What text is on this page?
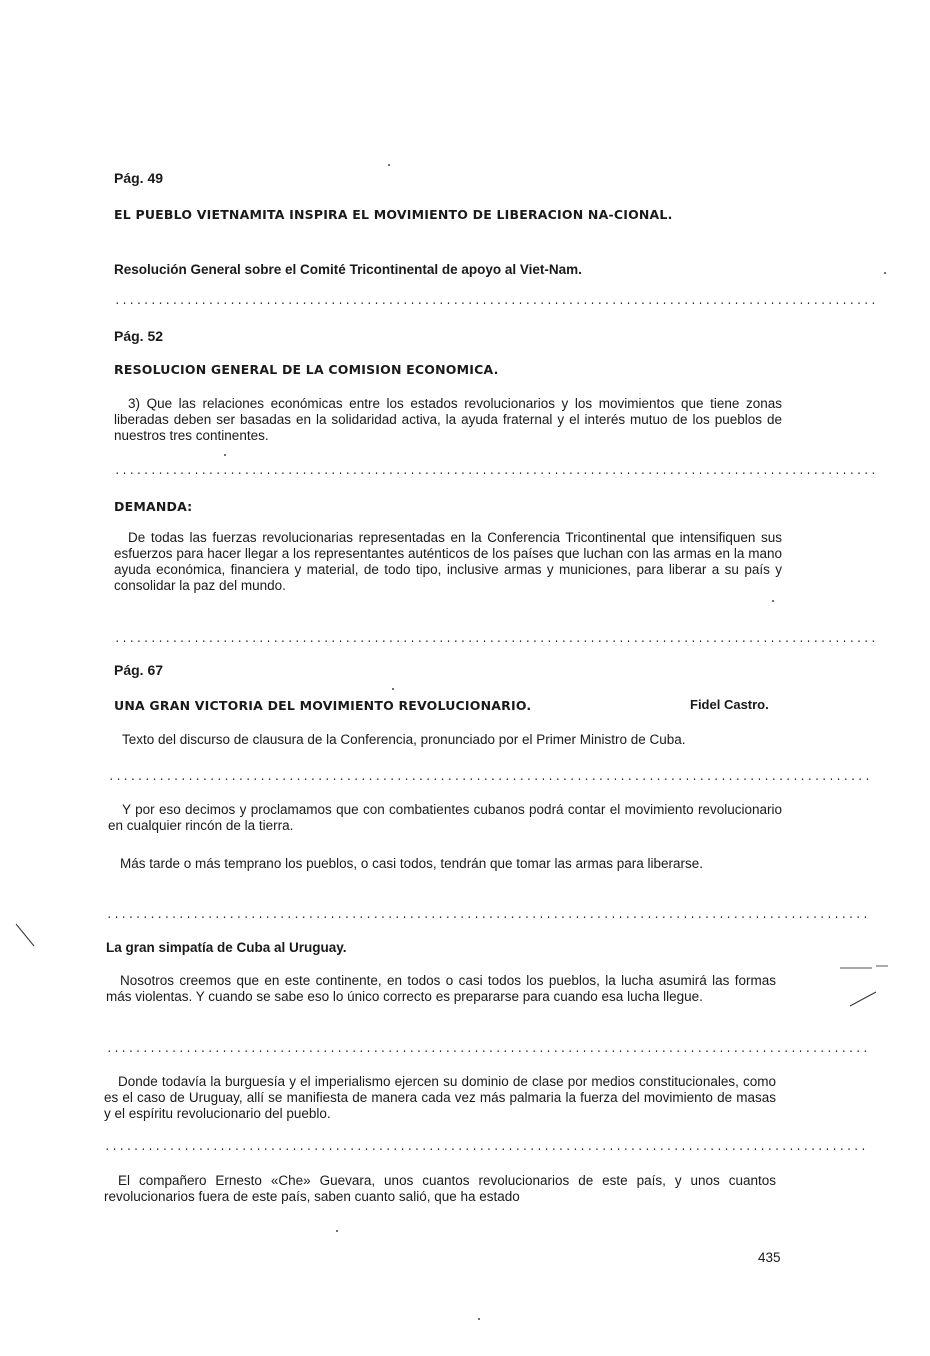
Pág. 49
EL PUEBLO VIETNAMITA INSPIRA EL MOVIMIENTO DE LIBERACION NA-CIONAL.
Resolución General sobre el Comité Tricontinental de apoyo al Viet-Nam.
..........................................................................................................
Pág. 52
RESOLUCION GENERAL DE LA COMISION ECONOMICA.

3) Que las relaciones económicas entre los estados revolucionarios y los movimientos que tiene zonas liberadas deben ser basadas en la solidaridad activa, la ayuda fraternal y el interés mutuo de los pueblos de nuestros tres continentes.

..........................................................................................................
DEMANDA:

De todas las fuerzas revolucionarias representadas en la Conferencia Tricontinental que intensifiquen sus esfuerzos para hacer llegar a los representantes auténticos de los países que luchan con las armas en la mano ayuda económica, financiera y material, de todo tipo, inclusive armas y municiones, para liberar a su país y consolidar la paz del mundo.

..........................................................................................................
Pág. 67
UNA GRAN VICTORIA DEL MOVIMIENTO REVOLUCIONARIO.	Fidel Castro.

Texto del discurso de clausura de la Conferencia, pronunciado por el Primer Ministro de Cuba.

..........................................................................................................

Y por eso decimos y proclamamos que con combatientes cubanos podrá contar el movimiento revolucionario en cualquier rincón de la tierra.

Más tarde o más temprano los pueblos, o casi todos, tendrán que tomar las armas para liberarse.

..........................................................................................................
La gran simpatía de Cuba al Uruguay.

Nosotros creemos que en este continente, en todos o casi todos los pueblos, la lucha asumirá las formas más violentas. Y cuando se sabe eso lo único correcto es prepararse para cuando esa lucha llegue.

..........................................................................................................

Donde todavía la burguesía y el imperialismo ejercen su dominio de clase por medios constitucionales, como es el caso de Uruguay, allí se manifiesta de manera cada vez más palmaria la fuerza del movimiento de masas y el espíritu revolucionario del pueblo.

..........................................................................................................

El compañero Ernesto «Che» Guevara, unos cuantos revolucionarios de este país, y unos cuantos revolucionarios fuera de este país, saben cuanto salió, que ha estado

435
